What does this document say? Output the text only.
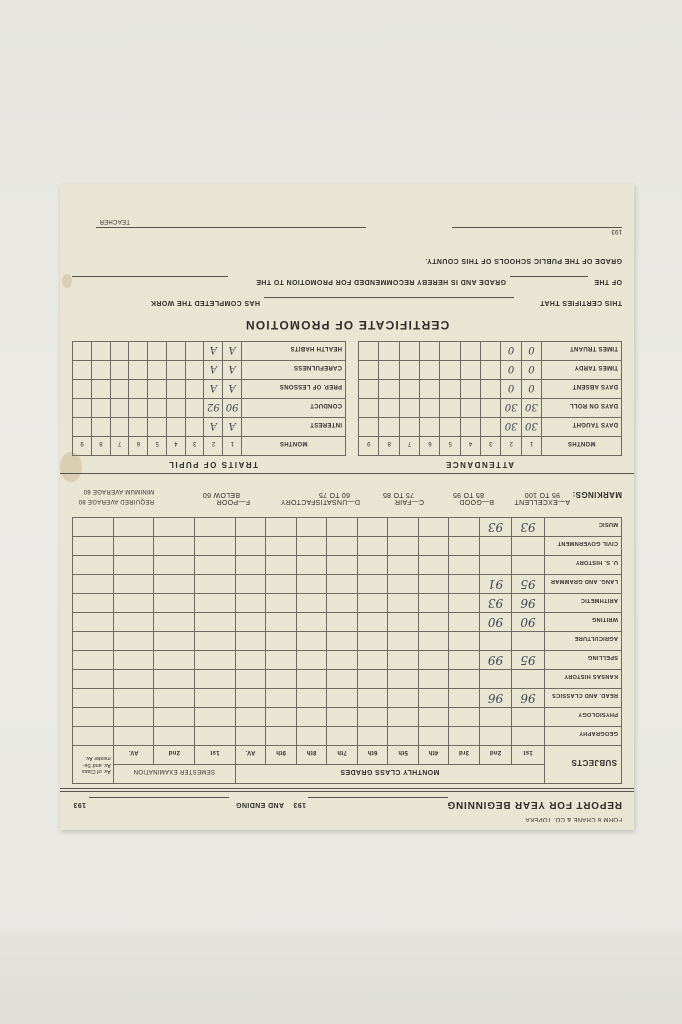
FORM 6 CRANE & CO. TOPEKA
REPORT FOR YEAR BEGINNING
193
AND ENDING
193
SUBJECTS	MONTHLY CLASS GRADES										SEMESTER EXAMINATION			Av. of Class
Av. and Se-
mester Av.

	1st	2nd	3rd	4th	5th	6th	7th	8th	9th	AV.	1st	2nd	AV.	
GEOGRAPHY														
PHYSIOLOGY														
READ. AND CLASSICS	96	96												
KANSAS HISTORY														
SPELLING	95	99												
AGRICULTURE														
WRITING	90	90												
ARITHMETIC	96	93												
LANG. AND GRAMMAR	95	91												
U. S. HISTORY														
CIVIL GOVERNMENT														
MUSIC	93	93												
MARKINGS:
A—EXCELLENT
95 TO 100
B—GOOD
85 TO 95
C—FAIR
75 TO 85
D—UNSATISFACTORY
60 TO 75
F—POOR
BELOW 60
REQUIRED AVERAGE 80
MINIMUM AVERAGE 60
ATTENDANCE
TRAITS OF PUPIL
MONTHS	1	2	3	4	5	6	7	8	9
DAYS TAUGHT	30	30							
DAYS ON ROLL	30	30							
DAYS ABSENT	0	0							
TIMES TARDY	0	0							
TIMES TRUANT	0	0							
MONTHS	1	2	3	4	5	6	7	8	9
INTEREST	A	A							
CONDUCT	90	92							
PREP. OF LESSONS	A	A							
CAREFULNESS	A	A							
HEALTH HABITS	A	A							
CERTIFICATE OF PROMOTION
THIS CERTIFIES THAT
HAS COMPLETED THE WORK
OF THE
GRADE AND IS HEREBY RECOMMENDED FOR PROMOTION TO THE
GRADE OF THE PUBLIC SCHOOLS OF THIS COUNTY.
193
TEACHER
